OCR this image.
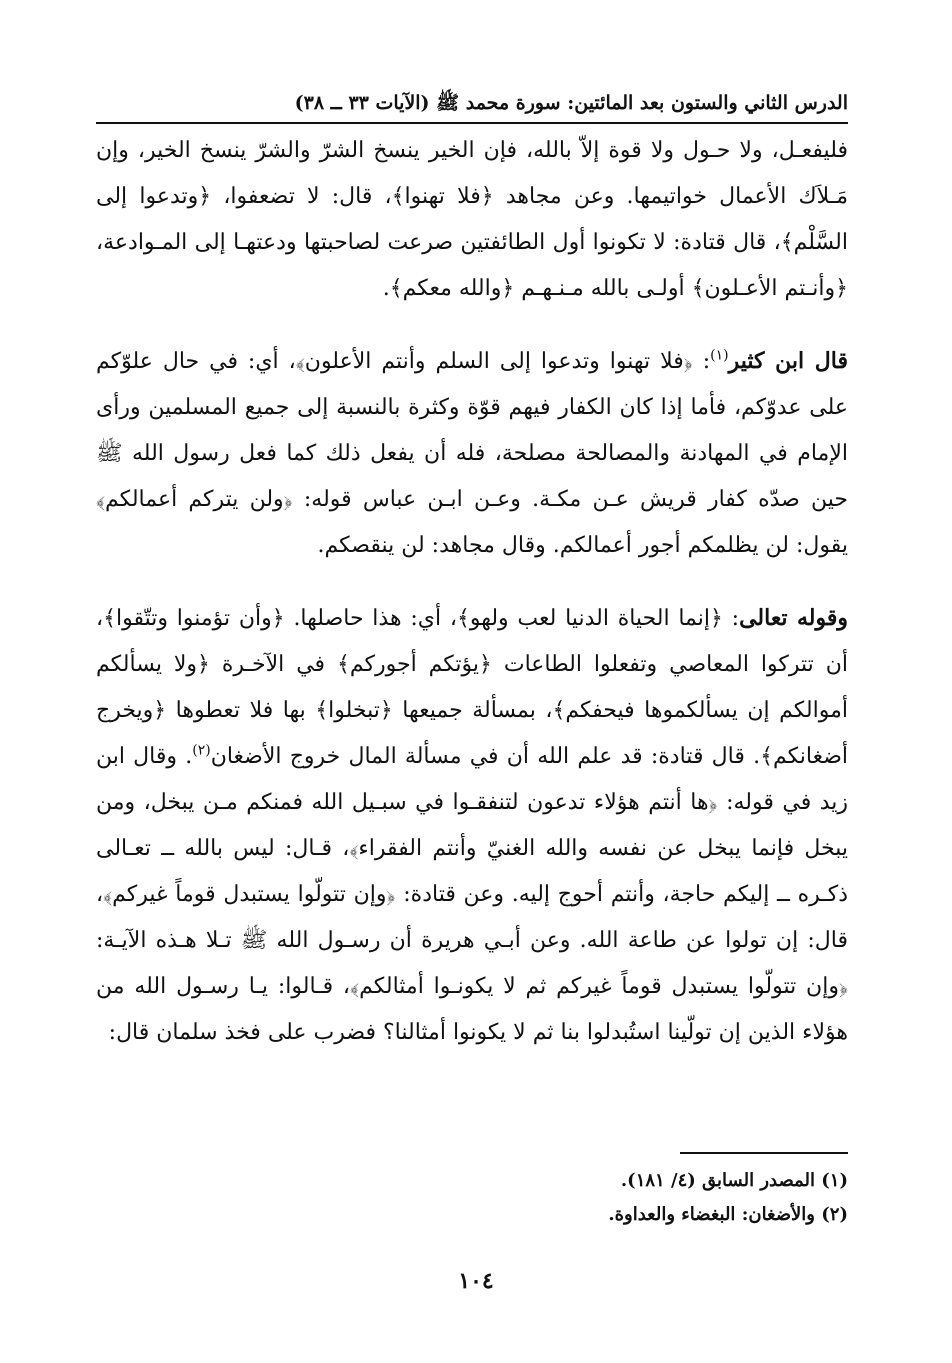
الدرس الثاني والستون بعد المائتين: سورة محمد ﷺ (الآيات ٣٣ ــ ٣٨)

فليفعـل، ولا حـول ولا قوة إلاّ بالله، فإن الخير ينسخ الشرّ والشرّ ينسخ الخير، وإن مَـلاَك الأعمال خواتيمها. وعن مجاهد ﴿فلا تهنوا﴾، قال: لا تضعفوا، ﴿وتدعوا إلى السَّلْم﴾، قال قتادة: لا تكونوا أول الطائفتين صرعت لصاحبتها ودعتهـا إلى المـوادعة، ﴿وأنـتم الأعـلون﴾ أولـى بالله مـنـهـم ﴿والله معكم﴾.

قال ابن كثير$^{(١)}$: ﴿فلا تهنوا وتدعوا إلى السلم وأنتم الأعلون﴾، أي: في حال علوّكم على عدوّكم، فأما إذا كان الكفار فيهم قوّة وكثرة بالنسبة إلى جميع المسلمين ورأى الإمام في المهادنة والمصالحة مصلحة، فله أن يفعل ذلك كما فعل رسول الله ﷺ حين صدّه كفار قريش عـن مكـة. وعـن ابـن عباس قوله: ﴿ولن يتركم أعمالكم﴾ يقول: لن يظلمكم أجور أعمالكم. وقال مجاهد: لن ينقصكم.

وقوله تعالى: ﴿إنما الحياة الدنيا لعب ولهو﴾، أي: هذا حاصلها. ﴿وأن تؤمنوا وتتّقوا﴾، أن تتركوا المعاصي وتفعلوا الطاعات ﴿يؤتكم أجوركم﴾ في الآخـرة ﴿ولا يسألكم أموالكم إن يسألكموها فيحفكم﴾، بمسألة جميعها ﴿تبخلوا﴾ بها فلا تعطوها ﴿ويخرج أضغانكم﴾. قال قتادة: قد علم الله أن في مسألة المال خروج الأضغان$^{(٢)}$. وقال ابن زيد في قوله: ﴿ها أنتم هؤلاء تدعون لتنفقـوا في سبـيل الله فمنكم مـن يبخل، ومن يبخل فإنما يبخل عن نفسه والله الغنيّ وأنتم الفقراء﴾، قـال: ليس بالله ــ تعـالى ذكـره ــ إليكم حاجة، وأنتم أحوج إليه. وعن قتادة: ﴿وإن تتولّوا يستبدل قوماً غيركم﴾، قال: إن تولوا عن طاعة الله. وعن أبـي هريرة أن رسـول الله ﷺ تـلا هـذه الآيـة: ﴿وإن تتولّوا يستبدل قوماً غيركم ثم لا يكونـوا أمثالكم﴾، قـالوا: يـا رسـول الله من هؤلاء الذين إن تولّينا استُبدلوا بنا ثم لا يكونوا أمثالنا؟ فضرب على فخذ سلمان قال:

(١) المصدر السابق (٤/ ١٨١).

(٢) والأضغان: البغضاء والعداوة.

١٠٤
